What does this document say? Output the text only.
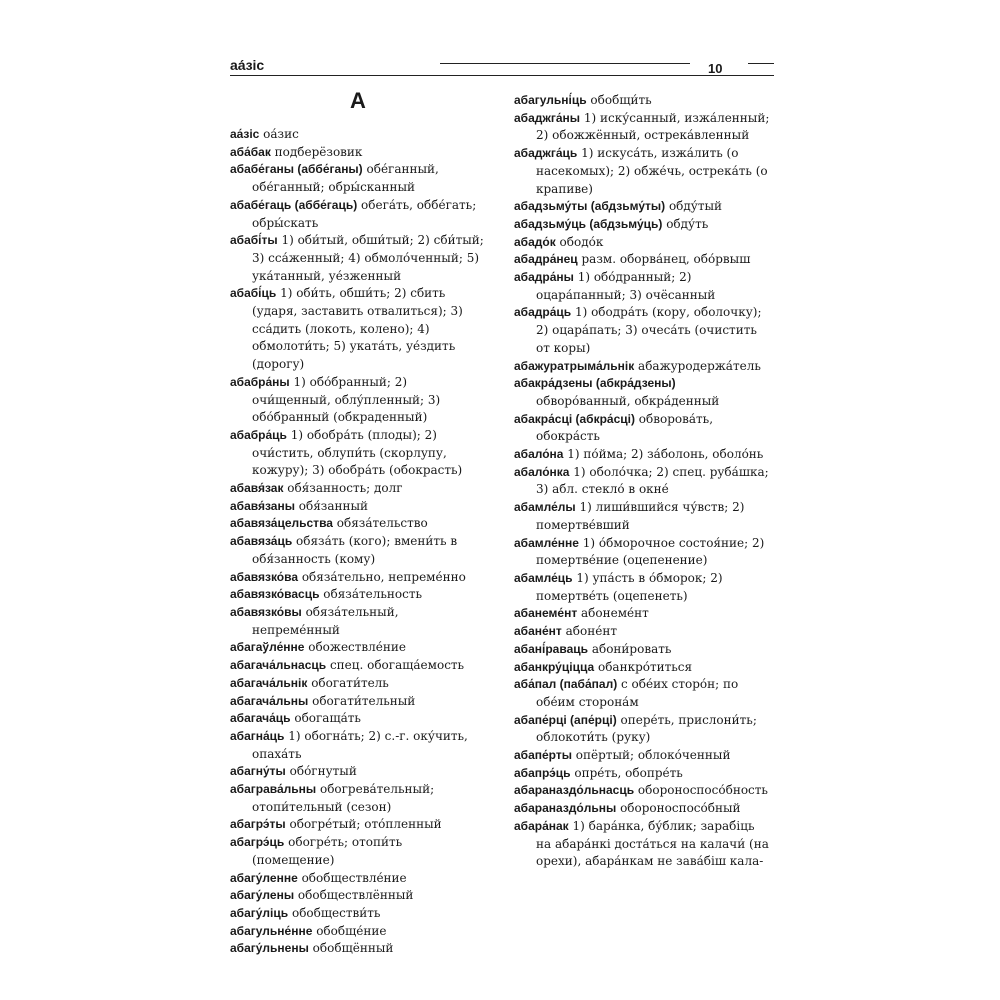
аа́зіс	10
А

аа́зіс оа́зис

аба́бак подберёзовик

абабе́ганы (аббе́ганы) обе́ганный, обе́ганный; обры́сканный

абабе́гаць (аббе́гаць) обега́ть, оббе́гать; обры́скать

абабі́ты 1) оби́тый, обши́тый; 2) сби́тый; 3) сса́женный; 4) обмоло́ченный; 5) ука́танный, уе́зженный

абабі́ць 1) оби́ть, обши́ть; 2) сбить (ударя, заставить отвалиться); 3) сса́дить (локоть, колено); 4) обмолоти́ть; 5) уката́ть, уе́здить (дорогу)

абабра́ны 1) обо́бранный; 2) очи́щенный, облу́пленный; 3) обо́бранный (обкраденный)

абабра́ць 1) обобра́ть (плоды); 2) очи́стить, облупи́ть (скорлупу, кожуру); 3) обобра́ть (обокрасть)

абавя́зак обя́занность; долг

абавя́заны обя́занный

абавяза́цельства обяза́тельство

абавяза́ць обяза́ть (кого); вмени́ть в обя́занность (кому)

абавязко́ва обяза́тельно, непреме́нно

абавязко́васць обяза́тельность

абавязко́вы обяза́тельный, непреме́нный

абагаўле́нне обожествле́ние

абагача́льнасць спец. обогаща́емость

абагача́льнік обогати́тель

абагача́льны обогати́тельный

абагача́ць обогаща́ть

абагна́ць 1) обогна́ть; 2) с.-г. оку́чить, опаха́ть

абагну́ты обо́гнутый

абаграва́льны обогрева́тельный; отопи́тельный (сезон)

абагрэ́ты обогре́тый; ото́пленный

абагрэ́ць обогре́ть; отопи́ть (помещение)

абагу́ленне обобществле́ние

абагу́лены обобществлённый

абагу́ліць обобществи́ть

абагульне́нне обобще́ние

абагу́льнены обобщённый

абагульні́ць обобщи́ть

абаджга́ны 1) иску́санный, изжа́ленный; 2) обожжённый, острека́вленный

абаджга́ць 1) искуса́ть, изжа́лить (о насекомых); 2) обже́чь, острека́ть (о крапиве)

абадзьму́ты (абдзьму́ты) обду́тый

абадзьму́ць (абдзьму́ць) обду́ть

абадо́к ободо́к

абадра́нец разм. оборва́нец, обо́рвыш

абадра́ны 1) обо́дранный; 2) оцара́панный; 3) очёсанный

абадра́ць 1) ободра́ть (кору, оболочку); 2) оцара́пать; 3) очеса́ть (очистить от коры)

абажуратрыма́льнік абажуродержа́тель

абакра́дзены (абкра́дзены) обворо́ванный, обкра́денный

абакра́сці (абкра́сці) обворова́ть, обокра́сть

абало́на 1) по́йма; 2) за́болонь, оболо́нь

абало́нка 1) оболо́чка; 2) спец. руба́шка; 3) абл. стекло́ в окне́

абамле́лы 1) лиши́вшийся чу́вств; 2) помертве́вший

абамле́нне 1) о́бморочное состоя́ние; 2) помертве́ние (оцепенение)

абамле́ць 1) упа́сть в о́бморок; 2) помертве́ть (оцепенеть)

абанеме́нт абонеме́нт

абане́нт абоне́нт

абані́раваць абони́ровать

абанкру́ціцца обанкро́титься

аба́пал (паба́пал) с обе́их сторо́н; по обе́им сторона́м

абапе́рці (апе́рці) опере́ть, прислони́ть; облокоти́ть (руку)

абапе́рты опёртый; облоко́ченный

абапрэ́ць опре́ть, обопре́ть

абараназдо́льнасць обороноспосо́бность

абараназдо́льны обороноспосо́бный

абара́нак 1) бара́нка, бу́блик; зараб́іць на абара́нкі доста́ться на калачи́ (на орехи), абара́нкам не зава́біш кала-
